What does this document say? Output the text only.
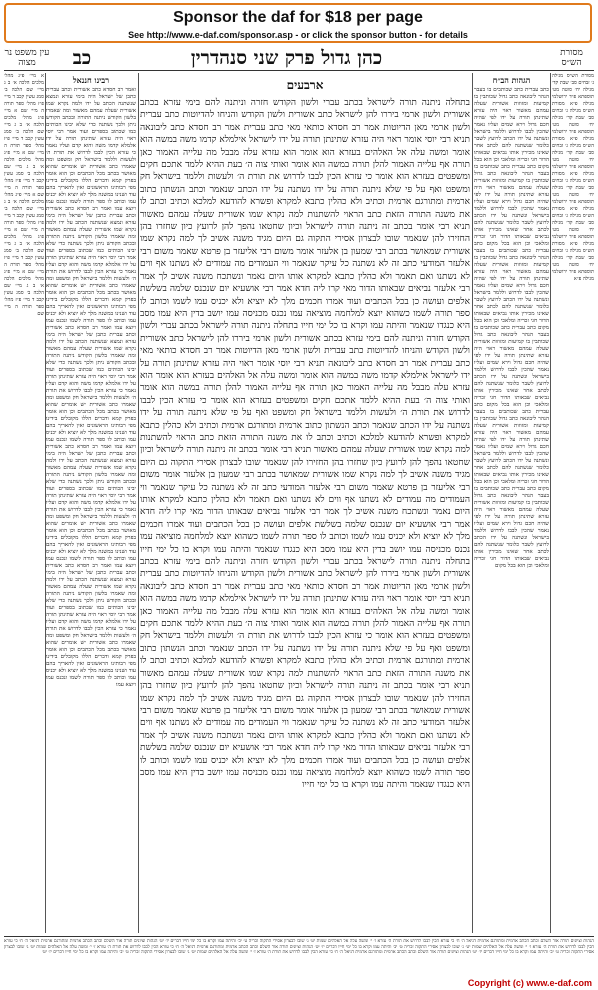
Sponsor the daf for $18 per page
See http://www.e-daf.com/sponsor.asp - or click the sponsor button - for details
מסורת הש״ס
כהן גדול פרק שני סנהדרין
כב
עין משפט נר מצוה
מסורת הש״ס מגילה ג׳ זבחים סב׳ שבת קד׳ מגילה יח׳ סוטה מט׳ תוספתא פ״ד ירושלמי מגילה פ״א מסורת הש״ס מגילה ג׳ זבחים סב׳ שבת קד׳ מגילה יח׳ סוטה מט׳ תוספתא פ״ד ירושלמי מגילה פ״א מסורת הש״ס מגילה ג׳ זבחים סב׳ שבת קד׳ מגילה יח׳ סוטה מט׳ תוספתא פ״ד ירושלמי מגילה פ״א מסורת הש״ס מגילה ג׳ זבחים סב׳ שבת קד׳ מגילה יח׳ סוטה מט׳ תוספתא פ״ד ירושלמי מגילה פ״א מסורת הש״ס מגילה ג׳ זבחים סב׳ שבת קד׳ מגילה יח׳ סוטה מט׳ תוספתא פ״ד ירושלמי מגילה פ״א מסורת הש״ס מגילה ג׳ זבחים סב׳ שבת קד׳ מגילה יח׳ סוטה מט׳ תוספתא פ״ד ירושלמי מגילה פ״א
הגהות הב״ח
כתב עברית כתב שכותבים בו בעבר הנהר ליבונאה כתב גדול שכותבין בו קמיעות ומזוזות אשורית שעלה עמהם מאשור ראוי היה עזרא שתינתן תורה על ידו לפי שהיה חכם גדול וירא שמים ועליו נאמר שהכין לבבו לדרוש וללמד בישראל ונשתנה על ידו הכתב לרועץ לשבר כלומר שנשתנה להם לכתב אחר שאינו מכירין אותו נביאים שבאותו הדור חגי זכריה ומלאכי וכן הוא בכל מקום כתב עברית כתב שכותבים בו בעבר הנהר ליבונאה כתב גדול שכותבין בו קמיעות ומזוזות אשורית שעלה עמהם מאשור ראוי היה עזרא שתינתן תורה על ידו לפי שהיה חכם גדול וירא שמים ועליו נאמר שהכין לבבו לדרוש וללמד בישראל ונשתנה על ידו הכתב לרועץ לשבר כלומר שנשתנה להם לכתב אחר שאינו מכירין אותו נביאים שבאותו הדור חגי זכריה ומלאכי וכן הוא בכל מקום כתב עברית כתב שכותבים בו בעבר הנהר ליבונאה כתב גדול שכותבין בו קמיעות ומזוזות אשורית שעלה עמהם מאשור ראוי היה עזרא שתינתן תורה על ידו לפי שהיה חכם גדול וירא שמים ועליו נאמר שהכין לבבו לדרוש וללמד בישראל ונשתנה על ידו הכתב לרועץ לשבר כלומר שנשתנה להם לכתב אחר שאינו מכירין אותו נביאים שבאותו הדור חגי זכריה ומלאכי וכן הוא בכל מקום כתב עברית כתב שכותבים בו בעבר הנהר ליבונאה כתב גדול שכותבין בו קמיעות ומזוזות אשורית שעלה עמהם מאשור ראוי היה עזרא שתינתן תורה על ידו לפי שהיה חכם גדול וירא שמים ועליו נאמר שהכין לבבו לדרוש וללמד בישראל ונשתנה על ידו הכתב לרועץ לשבר כלומר שנשתנה להם לכתב אחר שאינו מכירין אותו נביאים שבאותו הדור חגי זכריה ומלאכי וכן הוא בכל מקום כתב עברית כתב שכותבים בו בעבר הנהר ליבונאה כתב גדול שכותבין בו קמיעות ומזוזות אשורית שעלה עמהם מאשור ראוי היה עזרא שתינתן תורה על ידו לפי שהיה חכם גדול וירא שמים ועליו נאמר שהכין לבבו לדרוש וללמד בישראל ונשתנה על ידו הכתב לרועץ לשבר כלומר שנשתנה להם לכתב אחר שאינו מכירין אותו נביאים שבאותו הדור חגי זכריה ומלאכי וכן הוא בכל מקום כתב עברית כתב שכותבים בו בעבר הנהר ליבונאה כתב גדול שכותבין בו קמיעות ומזוזות אשורית שעלה עמהם מאשור ראוי היה עזרא שתינתן תורה על ידו לפי שהיה חכם גדול וירא שמים ועליו נאמר שהכין לבבו לדרוש וללמד בישראל ונשתנה על ידו הכתב לרועץ לשבר כלומר שנשתנה להם לכתב אחר שאינו מכירין אותו נביאים שבאותו הדור חגי זכריה ומלאכי וכן הוא בכל מקום
ארבעים
בתחלה ניתנה תורה לישראל בכתב עברי ולשון הקודש חזרה וניתנה להם בימי עזרא בכתב אשורית ולשון ארמי ביררו להן לישראל כתב אשורית ולשון הקודש והניחו להדיוטות כתב עברית ולשון ארמי מאן הדיוטות אמר רב חסדא כותאי מאי כתב עברית אמר רב חסדא כתב ליבונאה תניא רבי יוסי אומר ראוי היה עזרא שתינתן תורה על ידו לישראל אילמלא קדמו משה במשה הוא אומר ומשה עלה אל האלהים בעזרא הוא אומר הוא עזרא עלה מבבל מה עלייה האמור כאן תורה אף עלייה האמור להלן תורה במשה הוא אומר ואותי צוה ה׳ בעת ההיא ללמד אתכם חקים ומשפטים בעזרא הוא אומר כי עזרא הכין לבבו לדרוש את תורת ה׳ ולעשות וללמד בישראל חק ומשפט ואף על פי שלא ניתנה תורה על ידו נשתנה על ידו הכתב שנאמר וכתב הנשתון כתוב ארמית ומתורגם ארמית וכתיב ולא כהלין כתבא למקרא ופשרא להודעא למלכא וכתיב וכתב לו את משנה התורה הזאת כתב הראוי להשתנות למה נקרא שמו אשורית שעלה עמהם מאשור תניא רבי אומר בכתב זה ניתנה תורה לישראל וכיון שחטאו נהפך להן לרועץ כיון שחזרו בהן החזירו להן שנאמר שובו לבצרון אסירי התקוה גם היום מגיד משנה אשיב לך למה נקרא שמו אשורית שמאושר בכתב רבי שמעון בן אלעזר אומר משום רבי אליעזר בן פרטא שאמר משום רבי אלעזר המודעי כתב זה לא נשתנה כל עיקר שנאמר ווי העמודים מה עמודים לא נשתנו אף ווים לא נשתנו ואם תאמר ולא כהלין כתבא למקרא אותו היום נאמר ונשתכח משנה אשיב לך אמר רבי אלעזר נביאים שבאותו הדור מאי קרו ליה חדא אמר רבי אושעיא יום שנכנס שלמה בשלשת אלפים ועושה כן בכל הכתבים ועוד אמרו חכמים מלך לא יוציא ולא יכניס עמו לשמו וכותב לו ספר תורה לשמו כשהוא יוצא למלחמה מוציאה עמו נכנס מכניסה עמו יושב בדין היא עמו מסב היא כנגדו שנאמר והיתה עמו וקרא בו כל ימי חייו בתחלה ניתנה תורה לישראל בכתב עברי ולשון הקודש חזרה וניתנה להם בימי עזרא בכתב אשורית ולשון ארמי ביררו להן לישראל כתב אשורית ולשון הקודש והניחו להדיוטות כתב עברית ולשון ארמי מאן הדיוטות אמר רב חסדא כותאי מאי כתב עברית אמר רב חסדא כתב ליבונאה תניא רבי יוסי אומר ראוי היה עזרא שתינתן תורה על ידו לישראל אילמלא קדמו משה במשה הוא אומר ומשה עלה אל האלהים בעזרא הוא אומר הוא עזרא עלה מבבל מה עלייה האמור כאן תורה אף עלייה האמור להלן תורה במשה הוא אומר ואותי צוה ה׳ בעת ההיא ללמד אתכם חקים ומשפטים בעזרא הוא אומר כי עזרא הכין לבבו לדרוש את תורת ה׳ ולעשות וללמד בישראל חק ומשפט ואף על פי שלא ניתנה תורה על ידו נשתנה על ידו הכתב שנאמר וכתב הנשתון כתוב ארמית ומתורגם ארמית וכתיב ולא כהלין כתבא למקרא ופשרא להודעא למלכא וכתיב וכתב לו את משנה התורה הזאת כתב הראוי להשתנות למה נקרא שמו אשורית שעלה עמהם מאשור תניא רבי אומר בכתב זה ניתנה תורה לישראל וכיון שחטאו נהפך להן לרועץ כיון שחזרו בהן החזירו להן שנאמר שובו לבצרון אסירי התקוה גם היום מגיד משנה אשיב לך למה נקרא שמו אשורית שמאושר בכתב רבי שמעון בן אלעזר אומר משום רבי אליעזר בן פרטא שאמר משום רבי אלעזר המודעי כתב זה לא נשתנה כל עיקר שנאמר ווי העמודים מה עמודים לא נשתנו אף ווים לא נשתנו ואם תאמר ולא כהלין כתבא למקרא אותו היום נאמר ונשתכח משנה אשיב לך אמר רבי אלעזר נביאים שבאותו הדור מאי קרו ליה חדא אמר רבי אושעיא יום שנכנס שלמה בשלשת אלפים ועושה כן בכל הכתבים ועוד אמרו חכמים מלך לא יוציא ולא יכניס עמו לשמו וכותב לו ספר תורה לשמו כשהוא יוצא למלחמה מוציאה עמו נכנס מכניסה עמו יושב בדין היא עמו מסב היא כנגדו שנאמר והיתה עמו וקרא בו כל ימי חייו בתחלה ניתנה תורה לישראל בכתב עברי ולשון הקודש חזרה וניתנה להם בימי עזרא בכתב אשורית ולשון ארמי ביררו להן לישראל כתב אשורית ולשון הקודש והניחו להדיוטות כתב עברית ולשון ארמי מאן הדיוטות אמר רב חסדא כותאי מאי כתב עברית אמר רב חסדא כתב ליבונאה תניא רבי יוסי אומר ראוי היה עזרא שתינתן תורה על ידו לישראל אילמלא קדמו משה במשה הוא אומר ומשה עלה אל האלהים בעזרא הוא אומר הוא עזרא עלה מבבל מה עלייה האמור כאן תורה אף עלייה האמור להלן תורה במשה הוא אומר ואותי צוה ה׳ בעת ההיא ללמד אתכם חקים ומשפטים בעזרא הוא אומר כי עזרא הכין לבבו לדרוש את תורת ה׳ ולעשות וללמד בישראל חק ומשפט ואף על פי שלא ניתנה תורה על ידו נשתנה על ידו הכתב שנאמר וכתב הנשתון כתוב ארמית ומתורגם ארמית וכתיב ולא כהלין כתבא למקרא ופשרא להודעא למלכא וכתיב וכתב לו את משנה התורה הזאת כתב הראוי להשתנות למה נקרא שמו אשורית שעלה עמהם מאשור תניא רבי אומר בכתב זה ניתנה תורה לישראל וכיון שחטאו נהפך להן לרועץ כיון שחזרו בהן החזירו להן שנאמר שובו לבצרון אסירי התקוה גם היום מגיד משנה אשיב לך למה נקרא שמו אשורית שמאושר בכתב רבי שמעון בן אלעזר אומר משום רבי אליעזר בן פרטא שאמר משום רבי אלעזר המודעי כתב זה לא נשתנה כל עיקר שנאמר ווי העמודים מה עמודים לא נשתנו אף ווים לא נשתנו ואם תאמר ולא כהלין כתבא למקרא אותו היום נאמר ונשתכח משנה אשיב לך אמר רבי אלעזר נביאים שבאותו הדור מאי קרו ליה חדא אמר רבי אושעיא יום שנכנס שלמה בשלשת אלפים ועושה כן בכל הכתבים ועוד אמרו חכמים מלך לא יוציא ולא יכניס עמו לשמו וכותב לו ספר תורה לשמו כשהוא יוצא למלחמה מוציאה עמו נכנס מכניסה עמו יושב בדין היא עמו מסב היא כנגדו שנאמר והיתה עמו וקרא בו כל ימי חייו
רבינו חננאל
ואמר רב חסדא כתב אשורית וכתב עברית כתבן של ישראל היה בימי עזרא ונמצא שנשתנה הכתב על ידו ולמה נקרא שמו אשורית שעלה עמהם מאשור ומה שאמרו בלשון הקודש ניתנה התורה ובכתב הקודש ניתן ולכך נשתנה כדי שלא יבינו הכותים כמו שכתוב בספרים ועוד אמר רבי יוסי ראוי היה עזרא שתינתן תורה על ידו אלמלא קדמו משה והוא קדם ועליו נאמר כי עזרא הכין לבבו לדרוש את תורת ה׳ ולעשות וללמד בישראל חק ומשפט ומה שאמרו כתב אשורית יש אומרים שהוא מאושר בכתב מכל הכתבים וכן הוא אומר בפרק קמא ודברים הללו מקובלים בידינו מפי רבותינו הראשונים ואין להאריך בהם עוד ושנינו במשנה מלך לא יוציא ולא יכניס עמו וכותב לו ספר תורה לשמו ונכנס עמו ויוצא עמו ואמר רב חסדא כתב אשורית וכתב עברית כתבן של ישראל היה בימי עזרא ונמצא שנשתנה הכתב על ידו ולמה נקרא שמו אשורית שעלה עמהם מאשור ומה שאמרו בלשון הקודש ניתנה התורה ובכתב הקודש ניתן ולכך נשתנה כדי שלא יבינו הכותים כמו שכתוב בספרים ועוד אמר רבי יוסי ראוי היה עזרא שתינתן תורה על ידו אלמלא קדמו משה והוא קדם ועליו נאמר כי עזרא הכין לבבו לדרוש את תורת ה׳ ולעשות וללמד בישראל חק ומשפט ומה שאמרו כתב אשורית יש אומרים שהוא מאושר בכתב מכל הכתבים וכן הוא אומר בפרק קמא ודברים הללו מקובלים בידינו מפי רבותינו הראשונים ואין להאריך בהם עוד ושנינו במשנה מלך לא יוציא ולא יכניס עמו וכותב לו ספר תורה לשמו ונכנס עמו ויוצא עמו ואמר רב חסדא כתב אשורית וכתב עברית כתבן של ישראל היה בימי עזרא ונמצא שנשתנה הכתב על ידו ולמה נקרא שמו אשורית שעלה עמהם מאשור ומה שאמרו בלשון הקודש ניתנה התורה ובכתב הקודש ניתן ולכך נשתנה כדי שלא יבינו הכותים כמו שכתוב בספרים ועוד אמר רבי יוסי ראוי היה עזרא שתינתן תורה על ידו אלמלא קדמו משה והוא קדם ועליו נאמר כי עזרא הכין לבבו לדרוש את תורת ה׳ ולעשות וללמד בישראל חק ומשפט ומה שאמרו כתב אשורית יש אומרים שהוא מאושר בכתב מכל הכתבים וכן הוא אומר בפרק קמא ודברים הללו מקובלים בידינו מפי רבותינו הראשונים ואין להאריך בהם עוד ושנינו במשנה מלך לא יוציא ולא יכניס עמו וכותב לו ספר תורה לשמו ונכנס עמו ויוצא עמו ואמר רב חסדא כתב אשורית וכתב עברית כתבן של ישראל היה בימי עזרא ונמצא שנשתנה הכתב על ידו ולמה נקרא שמו אשורית שעלה עמהם מאשור ומה שאמרו בלשון הקודש ניתנה התורה ובכתב הקודש ניתן ולכך נשתנה כדי שלא יבינו הכותים כמו שכתוב בספרים ועוד אמר רבי יוסי ראוי היה עזרא שתינתן תורה על ידו אלמלא קדמו משה והוא קדם ועליו נאמר כי עזרא הכין לבבו לדרוש את תורת ה׳ ולעשות וללמד בישראל חק ומשפט ומה שאמרו כתב אשורית יש אומרים שהוא מאושר בכתב מכל הכתבים וכן הוא אומר בפרק קמא ודברים הללו מקובלים בידינו מפי רבותינו הראשונים ואין להאריך בהם עוד ושנינו במשנה מלך לא יוציא ולא יכניס עמו וכותב לו ספר תורה לשמו ונכנס עמו ויוצא עמו ואמר רב חסדא כתב אשורית וכתב עברית כתבן של ישראל היה בימי עזרא ונמצא שנשתנה הכתב על ידו ולמה נקרא שמו אשורית שעלה עמהם מאשור ומה שאמרו בלשון הקודש ניתנה התורה ובכתב הקודש ניתן ולכך נשתנה כדי שלא יבינו הכותים כמו שכתוב בספרים ועוד אמר רבי יוסי ראוי היה עזרא שתינתן תורה על ידו אלמלא קדמו משה והוא קדם ועליו נאמר כי עזרא הכין לבבו לדרוש את תורת ה׳ ולעשות וללמד בישראל חק ומשפט ומה שאמרו כתב אשורית יש אומרים שהוא מאושר בכתב מכל הכתבים וכן הוא אומר בפרק קמא ודברים הללו מקובלים בידינו מפי רבותינו הראשונים ואין להאריך בהם עוד ושנינו במשנה מלך לא יוציא ולא יכניס עמו וכותב לו ספר תורה לשמו ונכנס עמו ויוצא עמו
א מיי׳ פ״ג מהל׳ מלכים הלכה א׳ ב ג מיי׳ שם הלכה ב׳ סמג עשין קכב ד מיי׳ פ״ז מהל׳ ספר תורה ה מיי׳ שם א מיי׳ פ״ג מהל׳ מלכים הלכה א׳ ב ג מיי׳ שם הלכה ב׳ סמג עשין קכב ד מיי׳ פ״ז מהל׳ ספר תורה ה מיי׳ שם א מיי׳ פ״ג מהל׳ מלכים הלכה א׳ ב ג מיי׳ שם הלכה ב׳ סמג עשין קכב ד מיי׳ פ״ז מהל׳ ספר תורה ה מיי׳ שם א מיי׳ פ״ג מהל׳ מלכים הלכה א׳ ב ג מיי׳ שם הלכה ב׳ סמג עשין קכב ד מיי׳ פ״ז מהל׳ ספר תורה ה מיי׳ שם א מיי׳ פ״ג מהל׳ מלכים הלכה א׳ ב ג מיי׳ שם הלכה ב׳ סמג עשין קכב ד מיי׳ פ״ז מהל׳ ספר תורה ה מיי׳ שם א מיי׳ פ״ג מהל׳ מלכים הלכה א׳ ב ג מיי׳ שם הלכה ב׳ סמג עשין קכב ד מיי׳ פ״ז מהל׳ ספר תורה ה מיי׳ שם
הגהות וציונים תורה אור השלם וכתב הכתב ארמית ומתורגם ארמית דניאל ה׳ ח׳ כי עזרא הכין לבבו לדרוש את תורת ה׳ עזרא ז׳ י׳ ומשה עלה אל האלהים שמות יט׳ ג׳ שובו לבצרון אסירי התקוה זכריה ט׳ יב׳ והיתה עמו וקרא בו כל ימי חייו דברים יז׳ יט׳ הגהות וציונים תורה אור השלם וכתב הכתב ארמית ומתורגם ארמית דניאל ה׳ ח׳ כי עזרא הכין לבבו לדרוש את תורת ה׳ עזרא ז׳ י׳ ומשה עלה אל האלהים שמות יט׳ ג׳ שובו לבצרון אסירי התקוה זכריה ט׳ יב׳ והיתה עמו וקרא בו כל ימי חייו דברים יז׳ יט׳ הגהות וציונים תורה אור השלם וכתב הכתב ארמית ומתורגם ארמית דניאל ה׳ ח׳ כי עזרא הכין לבבו לדרוש את תורת ה׳ עזרא ז׳ י׳ ומשה עלה אל האלהים שמות יט׳ ג׳ שובו לבצרון אסירי התקוה זכריה ט׳ יב׳ והיתה עמו וקרא בו כל ימי חייו דברים יז׳ יט׳ הגהות וציונים תורה אור השלם וכתב הכתב ארמית ומתורגם ארמית דניאל ה׳ ח׳ כי עזרא הכין לבבו לדרוש את תורת ה׳ עזרא ז׳ י׳ ומשה עלה אל האלהים שמות יט׳ ג׳ שובו לבצרון אסירי התקוה זכריה ט׳ יב׳ והיתה עמו וקרא בו כל ימי חייו דברים יז׳ יט׳
Copyright (c) www.e-daf.com
